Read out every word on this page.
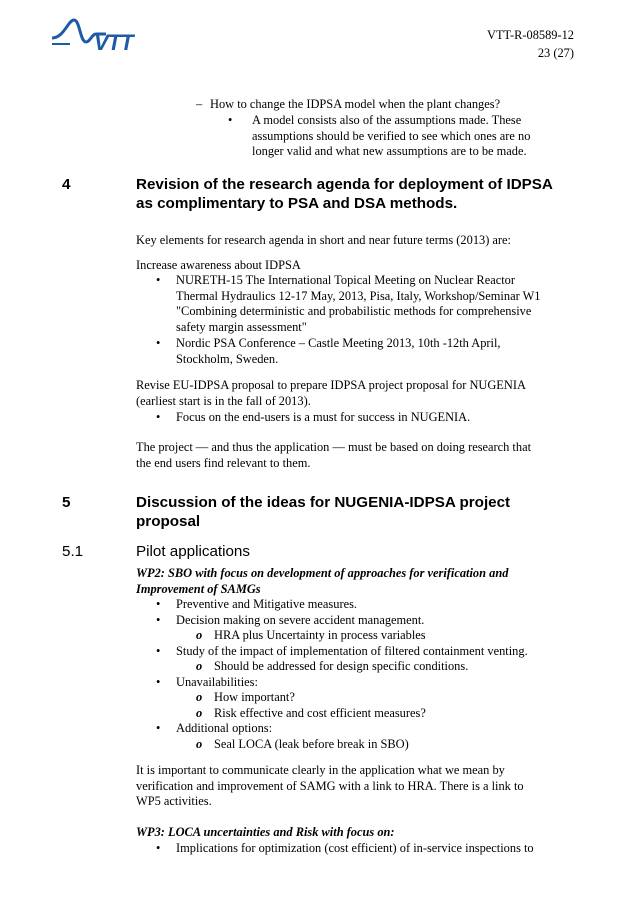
VTT	VTT-R-08589-12
23 (27)
– How to change the IDPSA model when the plant changes?
• A model consists also of the assumptions made. These
assumptions should be verified to see which ones are no
longer valid and what new assumptions are to be made.
4	Revision of the research agenda for deployment of IDPSA
as complimentary to PSA and DSA methods.
Key elements for research agenda in short and near future terms (2013) are:
Increase awareness about IDPSA
• NURETH-15 The International Topical Meeting on Nuclear Reactor
Thermal Hydraulics 12-17 May, 2013, Pisa, Italy, Workshop/Seminar W1
"Combining deterministic and probabilistic methods for comprehensive
safety margin assessment"
• Nordic PSA Conference – Castle Meeting 2013, 10th -12th April,
Stockholm, Sweden.
Revise EU-IDPSA proposal to prepare IDPSA project proposal for NUGENIA
(earliest start is in the fall of 2013).
• Focus on the end-users is a must for success in NUGENIA.
The project — and thus the application — must be based on doing research that
the end users find relevant to them.
5	Discussion of the ideas for NUGENIA-IDPSA project
proposal
5.1	Pilot applications
WP2: SBO with focus on development of approaches for verification and
Improvement of SAMGs
• Preventive and Mitigative measures.
• Decision making on severe accident management.
o HRA plus Uncertainty in process variables
• Study of the impact of implementation of filtered containment venting.
o Should be addressed for design specific conditions.
• Unavailabilities:
o How important?
o Risk effective and cost efficient measures?
• Additional options:
o Seal LOCA (leak before break in SBO)
It is important to communicate clearly in the application what we mean by
verification and improvement of SAMG with a link to HRA. There is a link to
WP5 activities.
WP3: LOCA uncertainties and Risk with focus on:
• Implications for optimization (cost efficient) of in-service inspections to
